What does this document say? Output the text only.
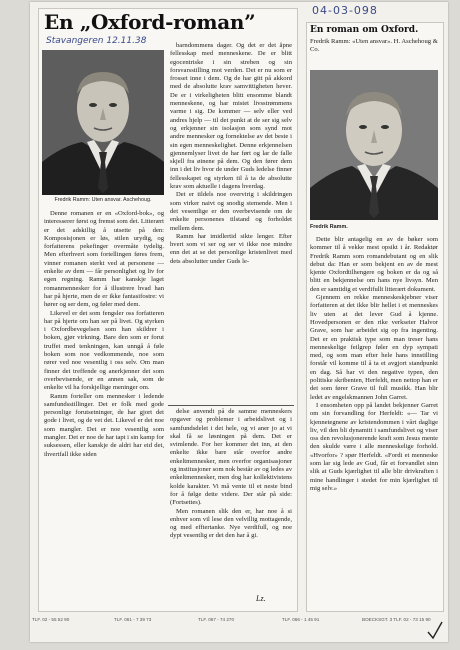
En „Oxford-roman”
Stavangeren 12.11.38
Fredrik Ramm: Uten ansvar. Aschehoug.

Denne romanen er en «Oxford-bok», og interesserer først og fremst som det. Litterært er det adskillig å utsette på den: Komposisjonen er løs, stilen urydig, og forfatterens pekefinger overmåte tydelig. Men efterhvert som fortellingen føres frem, vinner romanen sterkt ved at personene — enkelte av dem — får personlighet og liv for egen regning. Ramm har kanskje laget romanmennesker for å illustrere hvad han har på hjerte, men de er ikke fantasifostre: vi hører og ser dem, og føler med dem.

Likevel er det som fengsler oss forfatteren har på hjerte om han ser på livet. Og styrken i Oxfordbevegelsen som han skildrer i boken, gjør virkning. Bare den som er forut truffet med tenkningen, kan unngå å føle boken som noe vedkommende, noe som rører ved noe vesentlig i oss selv. Om man finner det treffende og anerkjenner det som overbevisende, er en annen sak, som de enkelte vil ha forskjellige meninger om.

Ramm forteller om mennesker i ledende samfundsstillinger. Det er folk med gode personlige forutsetninger, de har gjort det gode i livet, og de vet det. Likevel er det noe som mangler. Det er noe vesentlig som mangler. Det er noe de har tapt i sin kamp for suksessen, eller kanskje de aldri har eid det, ihvertfall ikke siden

barndommens dager. Og det er det ăpne fellesskap med menneskene. De er blitt egocentriske i sin streben og sin forsvarsstilling mot verden. Det er nu som er frosset inne i dem. Og de har gitt på akkord med de absolutte krav samvittigheten hever. De er i virkeligheten blitt ensomme blandt menneskene, og har mistet livsstrømmens varme i sig. De kommer — selv eller ved andres hjelp — til det punkt at de ser sig selv og erkjenner sin isolasjon som synd mot andre mennesker og fornektelse av det beste i sin egen menneskelighet. Denne erkjennelsen gjennemlyser livet de har ført og lar de falle skjell fra øinene på dem. Og den fører dem inn i det liv hvor de under Guds ledelse finner fellesskapet og styrken til å ta de absolutte krav som aktuelle i dagens hverdag.

Det er tildels noe overvirig i skildringen som virker naivt og snodig stemende. Men i det vesentlige er den overbevisende om de enkelte personenes tilstand og forholdet mellem dem.

Ramm har imidlertid sikte lenger. Efter hvert som vi ser og ser vi ikke noe mindre enn det at se det personlige kristenlivet med dets absolutter under Guds le-

delse anvendt på de samme menneskers opgaver og problemer i arbeidslivet og i samfundsdelet i det hele, og vi aner jo at vi skal få se løsningen på dem. Det er svimlende. For her kommer det inn, at den enkelte ikke bare står overfor andre enkeltmennesker, men overfor organisasjoner og institusjoner som nok består av og ledes av enkeltmennesker, men dog har kollektivistens kolde karakter. Vi må vente til et neste bind for å følge dette videre. Der står på side: (Fortsettes).

Men romanen slik den er, har noe å si enhver som vil lese den velvillig mottagende, og med efftertanke. Nye verdifull, og noe dypt vesentlig er det den har å gi.

Lz.
04-03-098
En roman om Oxford.
Fredrik Ramm: «Uten ansvar». H. Aschehoug & Co.
Fredrik Ramm.

Dette blir antagelig en av de bøker som kommer til å vekke mest opsikt i år. Redaktør Fredrik Ramm som romandebutant og en slik debut da: Han er som bekjent en av de mest kjente Oxfordtilhengere og boken er da og så blitt en bekjennelse om hans nye livsyn. Men den er samtidig et verdifullt litterært dokument.

Gjennem en rekke menneskeskjebner viser forfatteren at det ikke blir hellet i et menneskes liv uten at det lever Gud å kjenne. Hovedpersonen er den rike verkseier Halvor Grave, som har arbeidet sig op fra ingenting. Det er en praktisk type som man treser hans menneskelige feilgrep føler en dyp sympati med, og som man efter hele hans innstilling forstår vil komme til å ta et avgjort standpunkt en dag. Så har vi den negative typen, den politiske skribenten, Herfeldt, men nettop han er det som fører Grave til full musikk. Han blir ledet av engelskmannen John Garret.

I ensomheten opp på landet bekjenner Garret om sin forvandling for Herfeldt: «— Tar vi kjennetegnene av kristendommen i vårt daglige liv, vil den bli dynamitt i samfundslivet og viser oss den revolusjonerende kraft som Jesus mente den skulde være i alle menneskelige forhold. «Hvorfor» ? spør Herfeldt. «Fordi et menneske som lar sig lede av Gud, får et forvandlet sinn slik at Guds kjærlighet til alle blir drivkraften i mine handlinger i stedet for min kjærlighet til mig selv.»

TLF. 02 - 55 52 90	TLF. 061 - 7 39 73	TLF. 067 - 74 270	TLF. 066 - 1 45 91	BOECKSGT. 3 TLF. 02 - 73 15 90
